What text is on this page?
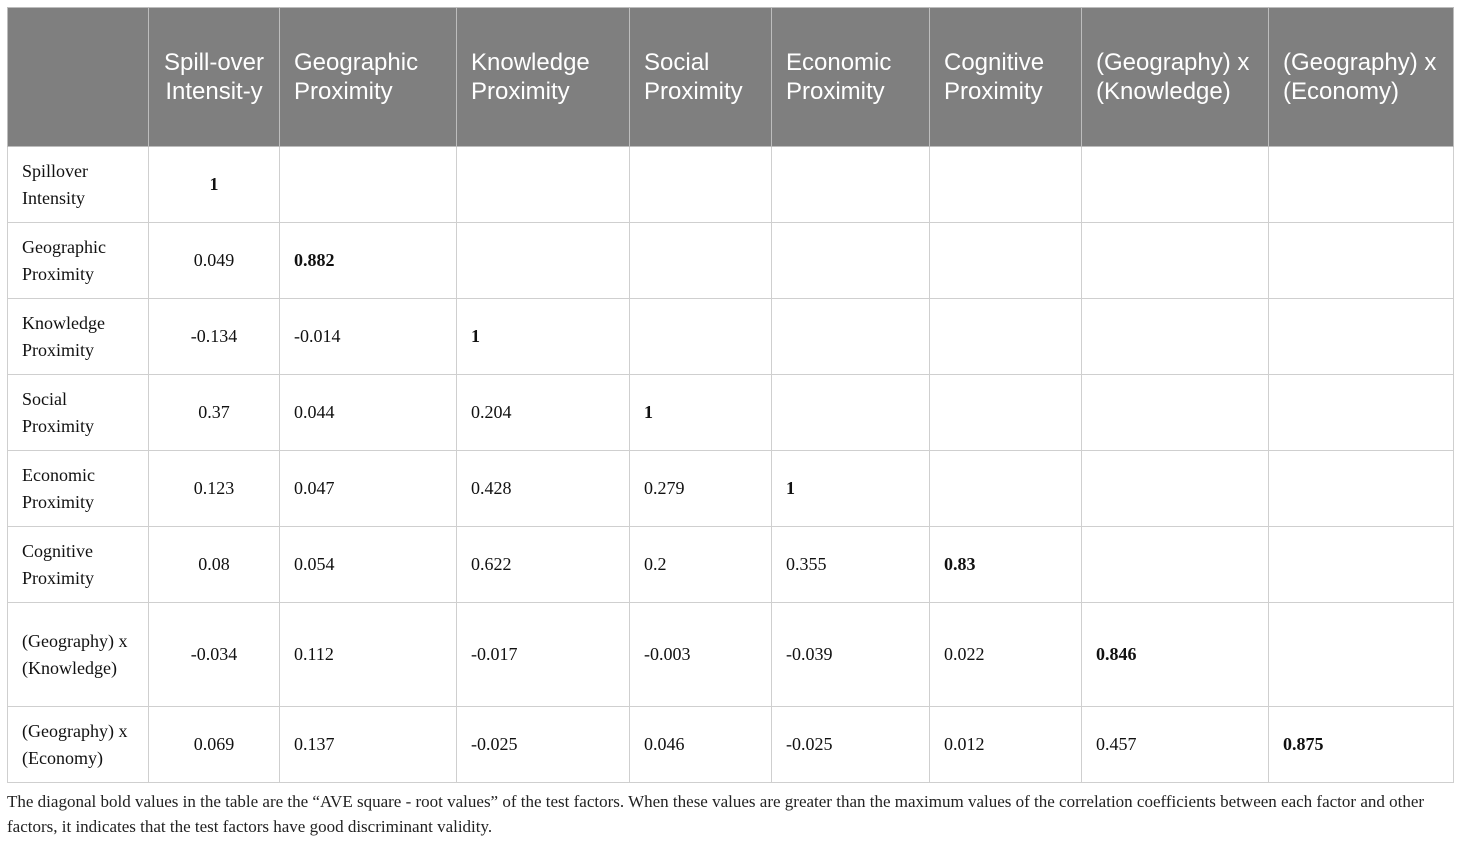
	Spill-over Intensit-y	Geographic Proximity	Knowledge Proximity	Social Proximity	Economic Proximity	Cognitive Proximity	(Geography) x (Knowledge)	(Geography) x (Economy)
Spillover Intensity	1							
Geographic Proximity	0.049	0.882						
Knowledge Proximity	-0.134	-0.014	1					
Social Proximity	0.37	0.044	0.204	1				
Economic Proximity	0.123	0.047	0.428	0.279	1			
Cognitive Proximity	0.08	0.054	0.622	0.2	0.355	0.83		
(Geography) x (Knowledge)	-0.034	0.112	-0.017	-0.003	-0.039	0.022	0.846	
(Geography) x (Economy)	0.069	0.137	-0.025	0.046	-0.025	0.012	0.457	0.875
The diagonal bold values in the table are the “AVE square - root values” of the test factors. When these values are greater than the maximum values of the correlation coefficients between each factor and other factors, it indicates that the test factors have good discriminant validity.
